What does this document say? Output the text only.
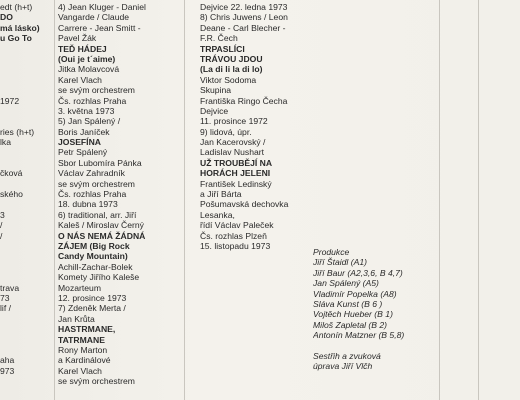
edt (h+t)
DO
má lásko)
u Go To
1972
ries (h+t)
lka
čková
ského
3
/
/
trava
73
lif /
aha
973
4) Jean Kluger - Daniel
Vangarde / Claude
Carrere - Jean Smitt -
Pavel Žák
TEĎ HÁDEJ
(Oui je t´aime)
Jitka Molavcová
Karel Vlach
se svým orchestrem
Čs. rozhlas Praha
3. května 1973
5) Jan Spálený /
Boris Janíček
JOSEFÍNA
Petr Spálený
Sbor Lubomíra Pánka
Václav Zahradník
se svým orchestrem
Čs. rozhlas Praha
18. dubna 1973
6) traditional, arr. Jiří
Kaleš / Miroslav Černý
O NÁS NEMÁ ŽÁDNÁ
ZÁJEM (Big Rock
Candy Mountain)
Achill-Zachar-Bolek
Komety Jiřího Kaleše
Mozarteum
12. prosince 1973
7) Zdeněk Merta /
Jan Krůta
HASTRMANE,
TATRMANE
Rony Marton
a Kardinálové
Karel Vlach
se svým orchestrem
Dejvice 22. ledna 1973
8) Chris Juwens / Leon
Deane - Carl Blecher -
F.R. Čech
TRPASLÍCI
TRÁVOU JDOU
(La di li la di lo)
Viktor Sodoma
Skupina
Františka Ringo Čecha
Dejvice
11. prosince 1972
9) lidová, úpr.
Jan Kacerovský /
Ladislav Nushart
UŽ TROUBĚJÍ NA
HORÁCH JELENI
František Ledinský
a Jiří Bárta
Pošumavská dechovka
Lesanka,
řídí Václav Paleček
Čs. rozhlas Plzeň
15. listopadu 1973
Produkce
Jiří Štaidl (A1)
Jiří Baur (A2,3,6, B 4,7)
Jan Spálený (A5)
Vladimír Popelka (A8)
Sláva Kunst (B 6 )
Vojtěch Hueber (B 1)
Miloš Zapletal (B 2)
Antonín Matzner (B 5,8)
Sestřih a zvuková
úprava Jiří Vlčh
